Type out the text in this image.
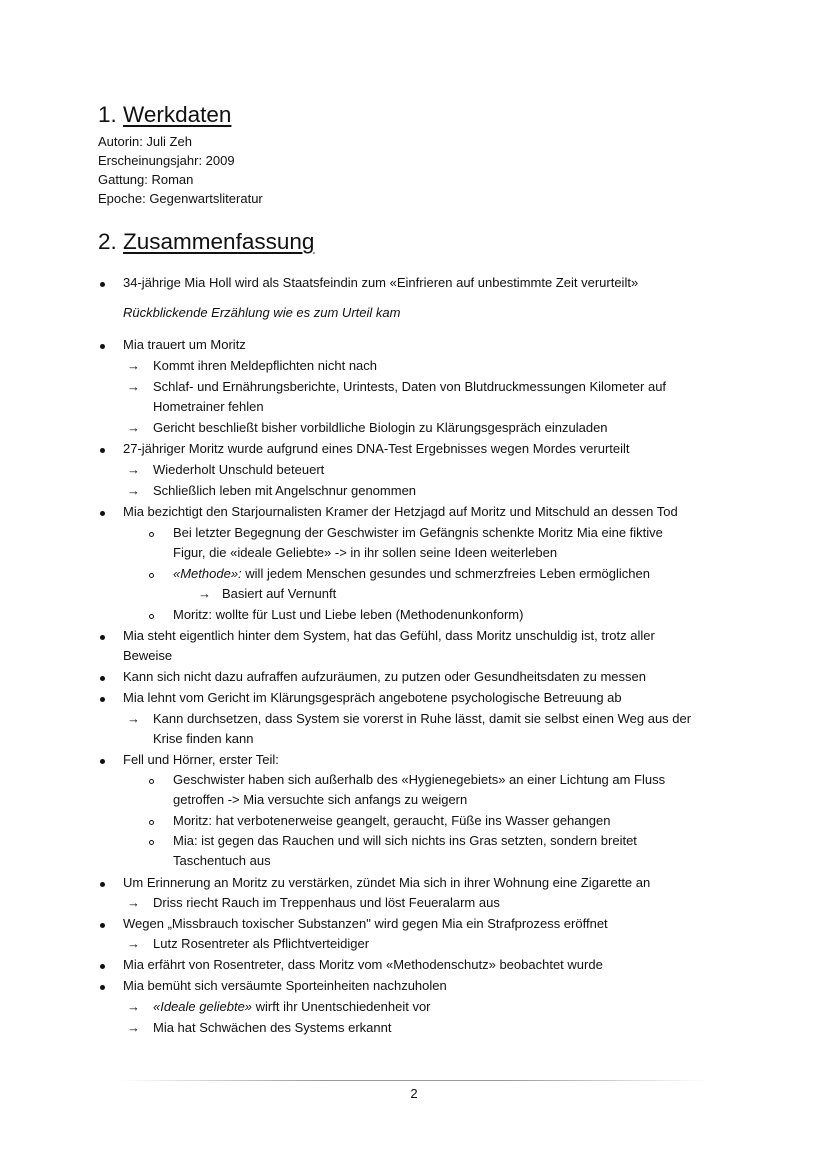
1. Werkdaten
Autorin: Juli Zeh
Erscheinungsjahr: 2009
Gattung: Roman
Epoche: Gegenwartsliteratur
2. Zusammenfassung
34-jährige Mia Holl wird als Staatsfeindin zum «Einfrieren auf unbestimmte Zeit verurteilt»
Rückblickende Erzählung wie es zum Urteil kam
Mia trauert um Moritz
→ Kommt ihren Meldepflichten nicht nach
→ Schlaf- und Ernährungsberichte, Urintests, Daten von Blutdruckmessungen Kilometer auf
Hometrainer fehlen
→ Gericht beschließt bisher vorbildliche Biologin zu Klärungsgespräch einzuladen
27-jähriger Moritz wurde aufgrund eines DNA-Test Ergebnisses wegen Mordes verurteilt
→ Wiederholt Unschuld beteuert
→ Schließlich leben mit Angelschnur genommen
Mia bezichtigt den Starjournalisten Kramer der Hetzjagd auf Moritz und Mitschuld an dessen Tod
Bei letzter Begegnung der Geschwister im Gefängnis schenkte Moritz Mia eine fiktive
Figur, die «ideale Geliebte» -> in ihr sollen seine Ideen weiterleben
«Methode»: will jedem Menschen gesundes und schmerzfreies Leben ermöglichen
→ Basiert auf Vernunft
Moritz: wollte für Lust und Liebe leben (Methodenunkonform)
Mia steht eigentlich hinter dem System, hat das Gefühl, dass Moritz unschuldig ist, trotz aller
Beweise
Kann sich nicht dazu aufraffen aufzuräumen, zu putzen oder Gesundheitsdaten zu messen
Mia lehnt vom Gericht im Klärungsgespräch angebotene psychologische Betreuung ab
→ Kann durchsetzen, dass System sie vorerst in Ruhe lässt, damit sie selbst einen Weg aus der
Krise finden kann
Fell und Hörner, erster Teil:
Geschwister haben sich außerhalb des «Hygienegebiets» an einer Lichtung am Fluss
getroffen -> Mia versuchte sich anfangs zu weigern
Moritz: hat verbotenerweise geangelt, geraucht, Füße ins Wasser gehangen
Mia: ist gegen das Rauchen und will sich nichts ins Gras setzten, sondern breitet
Taschentuch aus
Um Erinnerung an Moritz zu verstärken, zündet Mia sich in ihrer Wohnung eine Zigarette an
→ Driss riecht Rauch im Treppenhaus und löst Feueralarm aus
Wegen „Missbrauch toxischer Substanzen" wird gegen Mia ein Strafprozess eröffnet
→ Lutz Rosentreter als Pflichtverteidiger
Mia erfährt von Rosentreter, dass Moritz vom «Methodenschutz» beobachtet wurde
Mia bemüht sich versäumte Sporteinheiten nachzuholen
→ «Ideale geliebte» wirft ihr Unentschiedenheit vor
→ Mia hat Schwächen des Systems erkannt
2
